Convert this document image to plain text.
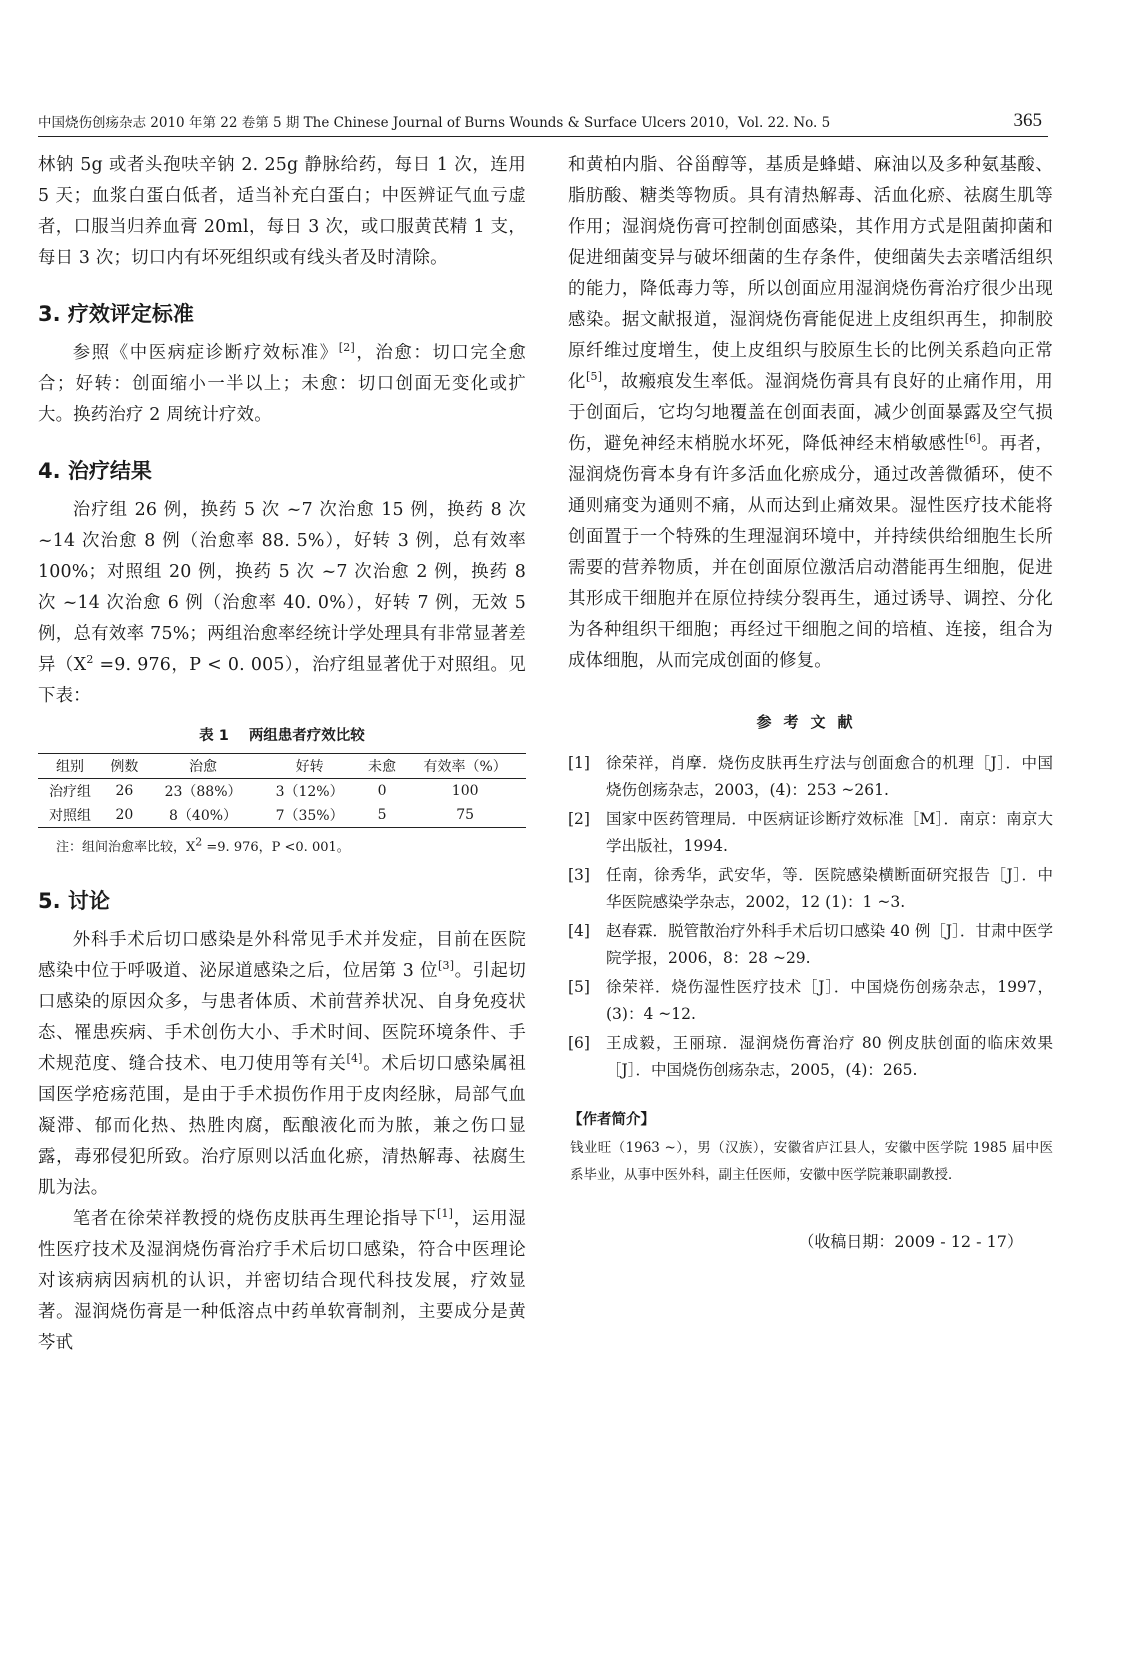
中国烧伤创疡杂志 2010 年第 22 卷第 5 期 The Chinese Journal of Burns Wounds & Surface Ulcers 2010，Vol. 22. No. 5	365

林钠 5g 或者头孢呋辛钠 2. 25g 静脉给药，每日 1 次，连用 5 天；血浆白蛋白低者，适当补充白蛋白；中医辨证气血亏虚者，口服当归养血膏 20ml，每日 3 次，或口服黄芪精 1 支，每日 3 次；切口内有坏死组织或有线头者及时清除。

3. 疗效评定标准

参照《中医病症诊断疗效标准》[2]，治愈：切口完全愈合；好转：创面缩小一半以上；未愈：切口创面无变化或扩大。换药治疗 2 周统计疗效。

4. 治疗结果

治疗组 26 例，换药 5 次 ~7 次治愈 15 例，换药 8 次 ~14 次治愈 8 例（治愈率 88. 5%），好转 3 例，总有效率 100%；对照组 20 例，换药 5 次 ~7 次治愈 2 例，换药 8 次 ~14 次治愈 6 例（治愈率 40. 0%），好转 7 例，无效 5 例，总有效率 75%；两组治愈率经统计学处理具有非常显著差异（$X^2 =9$. 976，P < 0. 005），治疗组显著优于对照组。见下表：

表 1 两组患者疗效比较
组别	例数	治愈	好转	未愈	有效率（%）
治疗组	26	23（88%）	3（12%）	0	100
对照组	20	8（40%）	7（35%）	5	75
注：组间治愈率比较，$X^2 =9$. 976，P <0. 001。
5. 讨论

外科手术后切口感染是外科常见手术并发症，目前在医院感染中位于呼吸道、泌尿道感染之后，位居第 3 位[3]。引起切口感染的原因众多，与患者体质、术前营养状况、自身免疫状态、罹患疾病、手术创伤大小、手术时间、医院环境条件、手术规范度、缝合技术、电刀使用等有关[4]。术后切口感染属祖国医学疮疡范围，是由于手术损伤作用于皮肉经脉，局部气血凝滞、郁而化热、热胜肉腐，酝酿液化而为脓，兼之伤口显露，毒邪侵犯所致。治疗原则以活血化瘀，清热解毒、祛腐生肌为法。

笔者在徐荣祥教授的烧伤皮肤再生理论指导下[1]，运用湿性医疗技术及湿润烧伤膏治疗手术后切口感染，符合中医理论对该病病因病机的认识，并密切结合现代科技发展，疗效显著。湿润烧伤膏是一种低溶点中药单软膏制剂，主要成分是黄芩甙

和黄柏内脂、谷甾醇等，基质是蜂蜡、麻油以及多种氨基酸、脂肪酸、糖类等物质。具有清热解毒、活血化瘀、祛腐生肌等作用；湿润烧伤膏可控制创面感染，其作用方式是阻菌抑菌和促进细菌变异与破坏细菌的生存条件，使细菌失去亲嗜活组织的能力，降低毒力等，所以创面应用湿润烧伤膏治疗很少出现感染。据文献报道，湿润烧伤膏能促进上皮组织再生，抑制胶原纤维过度增生，使上皮组织与胶原生长的比例关系趋向正常化[5]，故瘢痕发生率低。湿润烧伤膏具有良好的止痛作用，用于创面后，它均匀地覆盖在创面表面，减少创面暴露及空气损伤，避免神经末梢脱水坏死，降低神经末梢敏感性[6]。再者，湿润烧伤膏本身有许多活血化瘀成分，通过改善微循环，使不通则痛变为通则不痛，从而达到止痛效果。湿性医疗技术能将创面置于一个特殊的生理湿润环境中，并持续供给细胞生长所需要的营养物质，并在创面原位激活启动潜能再生细胞，促进其形成干细胞并在原位持续分裂再生，通过诱导、调控、分化为各种组织干细胞；再经过干细胞之间的培植、连接，组合为成体细胞，从而完成创面的修复。

参考文献
[1]	徐荣祥，肖摩．烧伤皮肤再生疗法与创面愈合的机理［J］．中国烧伤创疡杂志，2003，(4)：253 ~261.
[2]	国家中医药管理局．中医病证诊断疗效标准［M］．南京：南京大学出版社，1994.
[3]	任南，徐秀华，武安华，等．医院感染横断面研究报告［J］．中华医院感染学杂志，2002，12 (1)：1 ~3.
[4]	赵春霖．脱管散治疗外科手术后切口感染 40 例［J］．甘肃中医学院学报，2006，8：28 ~29.
[5]	徐荣祥．烧伤湿性医疗技术［J］．中国烧伤创疡杂志，1997，(3)：4 ~12.
[6]	王成毅，王丽琼．湿润烧伤膏治疗 80 例皮肤创面的临床效果［J］．中国烧伤创疡杂志，2005，(4)：265.
【作者简介】
钱业旺（1963 ~），男（汉族），安徽省庐江县人，安徽中医学院 1985 届中医系毕业，从事中医外科，副主任医师，安徽中医学院兼职副教授．
（收稿日期：2009 - 12 - 17）
